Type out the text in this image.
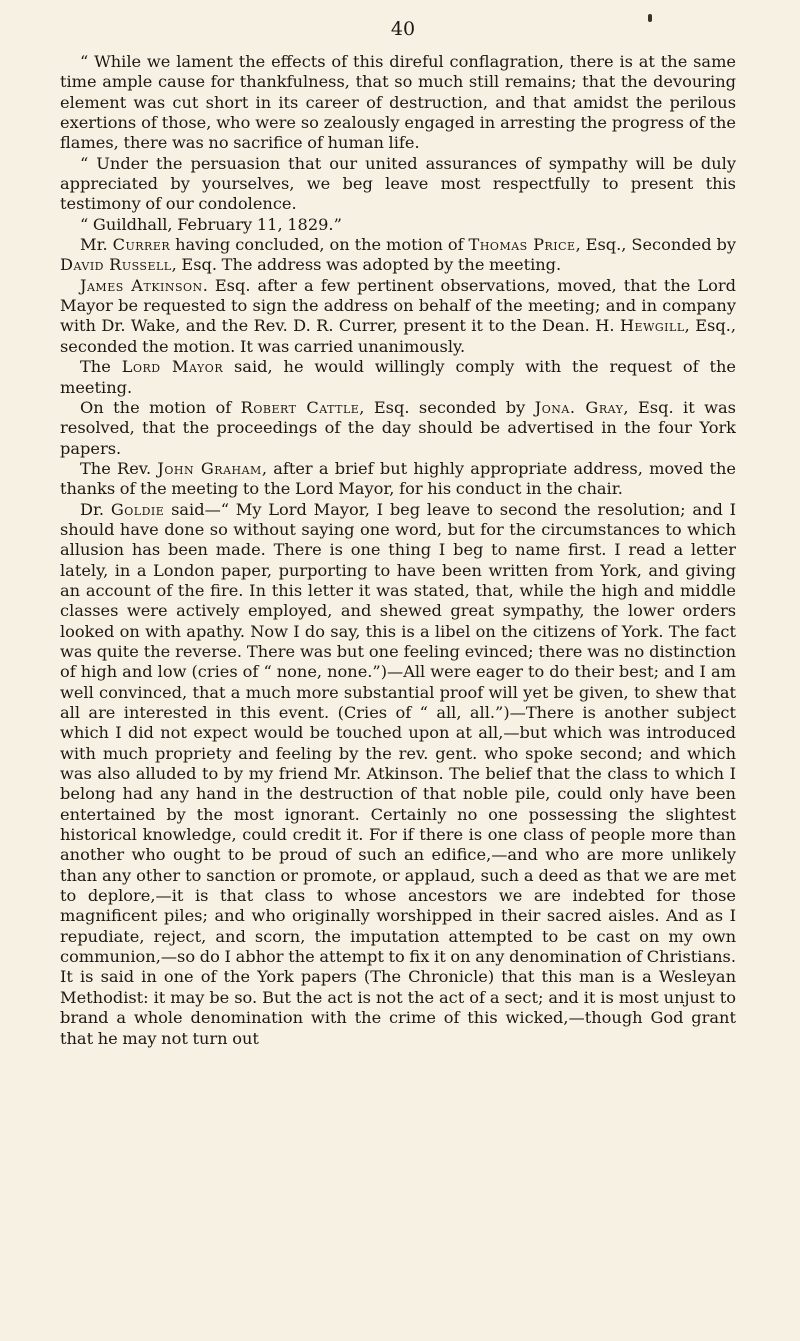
40

“ While we lament the effects of this direful conflagration, there is at the same time ample cause for thankfulness, that so much still remains; that the devouring element was cut short in its career of destruction, and that amidst the perilous exertions of those, who were so zealously engaged in arresting the progress of the flames, there was no sacrifice of human life.

“ Under the persuasion that our united assurances of sympathy will be duly appreciated by yourselves, we beg leave most respectfully to present this testimony of our condolence.

“ Guildhall, February 11, 1829.”

Mr. Currer having concluded, on the motion of Thomas Price, Esq., Seconded by David Russell, Esq. The address was adopted by the meeting.

James Atkinson. Esq. after a few pertinent observations, moved, that the Lord Mayor be requested to sign the address on behalf of the meeting; and in company with Dr. Wake, and the Rev. D. R. Currer, present it to the Dean. H. Hewgill, Esq., seconded the motion. It was carried unanimously.

The Lord Mayor said, he would willingly comply with the request of the meeting.

On the motion of Robert Cattle, Esq. seconded by Jona. Gray, Esq. it was resolved, that the proceedings of the day should be advertised in the four York papers.

The Rev. John Graham, after a brief but highly appropriate address, moved the thanks of the meeting to the Lord Mayor, for his conduct in the chair.

Dr. Goldie said—“ My Lord Mayor, I beg leave to second the resolution; and I should have done so without saying one word, but for the circumstances to which allusion has been made. There is one thing I beg to name first. I read a letter lately, in a London paper, purporting to have been written from York, and giving an account of the fire. In this letter it was stated, that, while the high and middle classes were actively employed, and shewed great sympathy, the lower orders looked on with apathy. Now I do say, this is a libel on the citizens of York. The fact was quite the reverse. There was but one feeling evinced; there was no distinction of high and low (cries of “ none, none.”)—All were eager to do their best; and I am well convinced, that a much more substantial proof will yet be given, to shew that all are interested in this event. (Cries of “ all, all.”)—There is another subject which I did not expect would be touched upon at all,—but which was introduced with much propriety and feeling by the rev. gent. who spoke second; and which was also alluded to by my friend Mr. Atkinson. The belief that the class to which I belong had any hand in the destruction of that noble pile, could only have been entertained by the most ignorant. Certainly no one possessing the slightest historical knowledge, could credit it. For if there is one class of people more than another who ought to be proud of such an edifice,—and who are more unlikely than any other to sanction or promote, or applaud, such a deed as that we are met to deplore,—it is that class to whose ancestors we are indebted for those magnificent piles; and who originally worshipped in their sacred aisles. And as I repudiate, reject, and scorn, the imputation attempted to be cast on my own communion,—so do I abhor the attempt to fix it on any denomination of Christians. It is said in one of the York papers (The Chronicle) that this man is a Wesleyan Methodist: it may be so. But the act is not the act of a sect; and it is most unjust to brand a whole denomination with the crime of this wicked,—though God grant that he may not turn out
